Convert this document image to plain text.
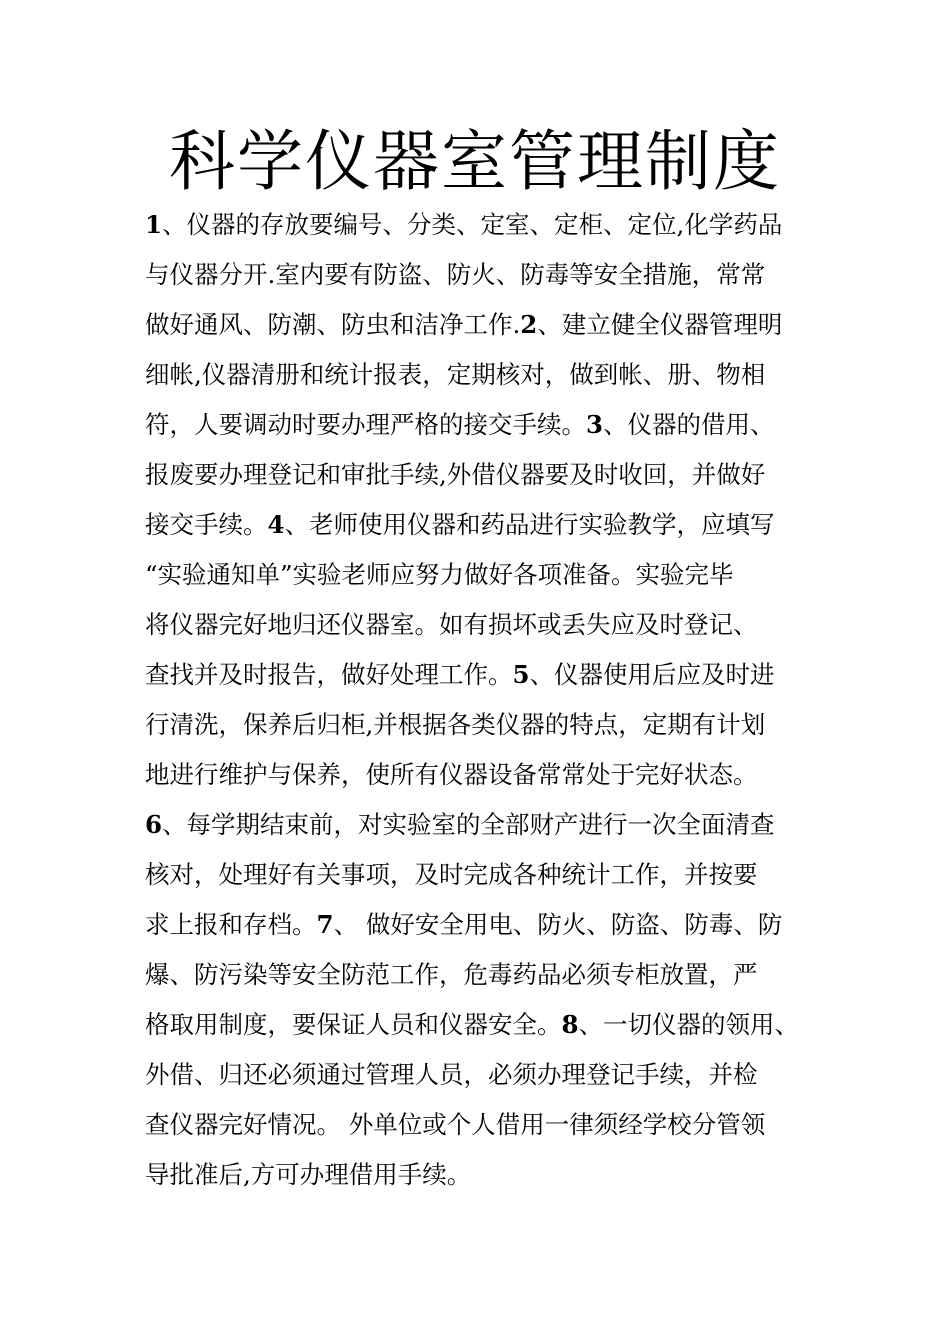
科学仪器室管理制度
1、仪器的存放要编号、分类、定室、定柜、定位,化学药品
与仪器分开.室内要有防盗、防火、防毒等安全措施，常常
做好通风、防潮、防虫和洁净工作.2、建立健全仪器管理明
细帐,仪器清册和统计报表，定期核对，做到帐、册、物相
符，人要调动时要办理严格的接交手续。3、仪器的借用、
报废要办理登记和审批手续,外借仪器要及时收回，并做好
接交手续。4、老师使用仪器和药品进行实验教学，应填写
“实验通知单”实验老师应努力做好各项准备。实验完毕
将仪器完好地归还仪器室。如有损坏或丢失应及时登记、
查找并及时报告，做好处理工作。5、仪器使用后应及时进
行清洗，保养后归柜,并根据各类仪器的特点，定期有计划
地进行维护与保养，使所有仪器设备常常处于完好状态。
6、每学期结束前，对实验室的全部财产进行一次全面清查
核对，处理好有关事项，及时完成各种统计工作，并按要
求上报和存档。7、 做好安全用电、防火、防盗、防毒、防
爆、防污染等安全防范工作，危毒药品必须专柜放置，严
格取用制度，要保证人员和仪器安全。8、一切仪器的领用、
外借、归还必须通过管理人员，必须办理登记手续，并检
查仪器完好情况。 外单位或个人借用一律须经学校分管领
导批准后,方可办理借用手续。
